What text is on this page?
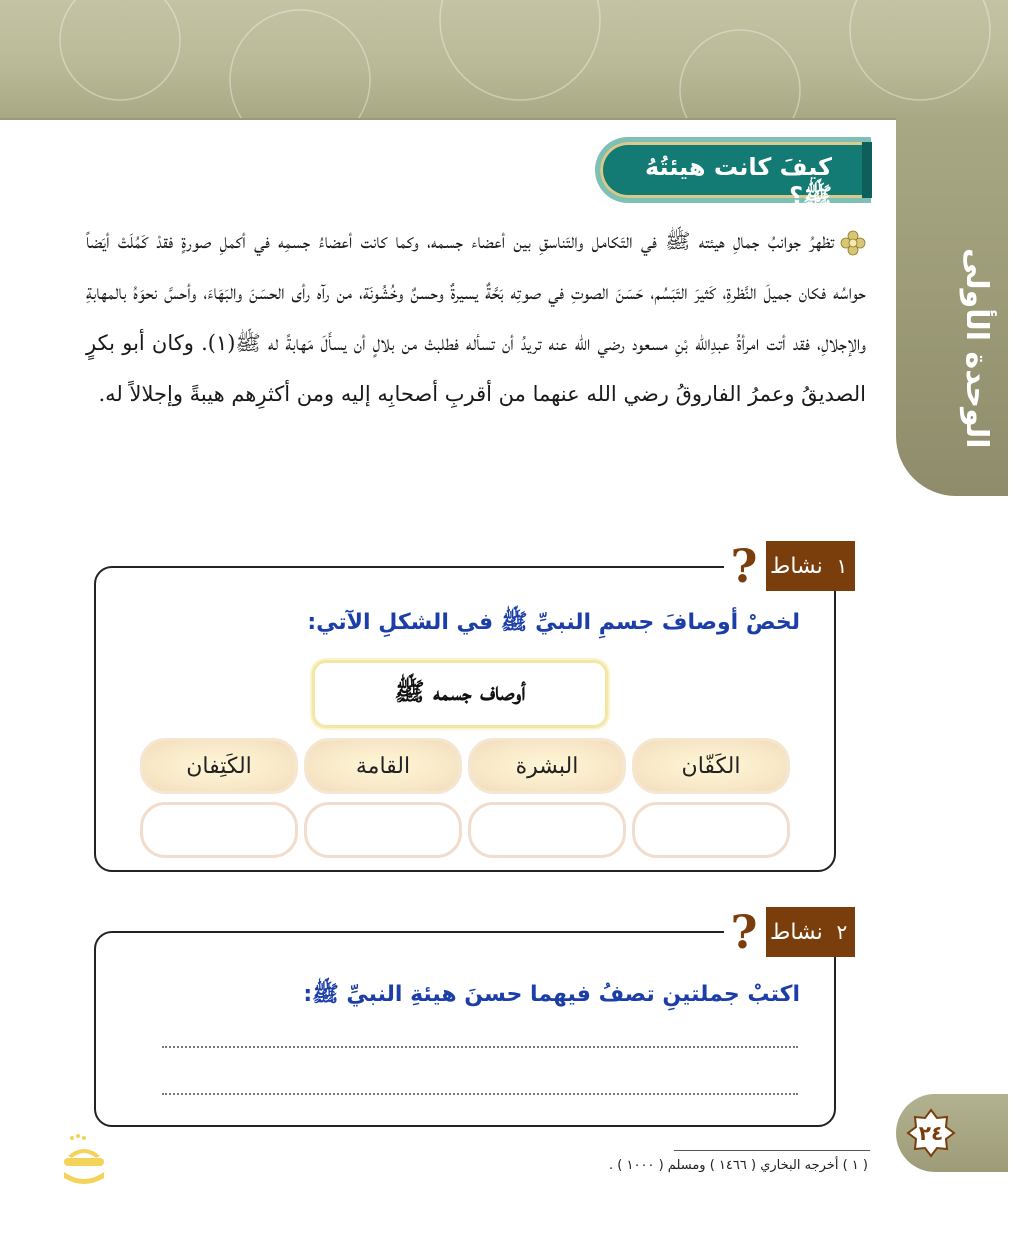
الوحدة الأولى
كيفَ كانت هيئتُهُ ﷺ؟

تظهرُ جوانبُ جمالِ هيئته ﷺ في التَكامل والتَناسقِ بين أعضاء جسمه، وكما كانت أعضاءُ جسمِه في أكملِ صورةٍ فقدْ كَمُلَتْ أيَضاً حواسُه فكان جميلَ النَّظرةِ، كَثيرَ التَبَسُم، حَسَنَ الصوتِ في صوتِه بَحَّةٌ يسيرةٌ وحسنٌ وخُشُونَة، من رآه رأى الحسَنَ والبَهَاءَ، وأحسَّ نحوَهُ بالمهابةِ والإجلالِ، فقد أتت امرأةُ عبدِالله بْنِ مسعود رضي الله عنه تريدُ أن تسأله فطلبتْ من بلالٍ أن يسأَلَ مَهابةً له ﷺ(١). وكان أبو بكرٍ الصديقُ وعمرُ الفاروقُ رضي الله عنهما من أقربِ أصحابِه إليه ومن أكثرِهم هيبةً وإجلالاً له.

١
نشاط
?
لخصْ أوصافَ جسمِ النبيِّ ﷺ في الشكلِ الآتي:
أوصاف جسمه ﷺ
الكَفّان
البشرة
القامة
الكَتِفان
٢
نشاط
?
اكتبْ جملتينِ تصفُ فيهما حسنَ هيئةِ النبيِّ ﷺ:
٢٤
( ١ ) أخرجه البخاري ( ١٤٦٦ ) ومسلم ( ١٠٠٠ ) .
